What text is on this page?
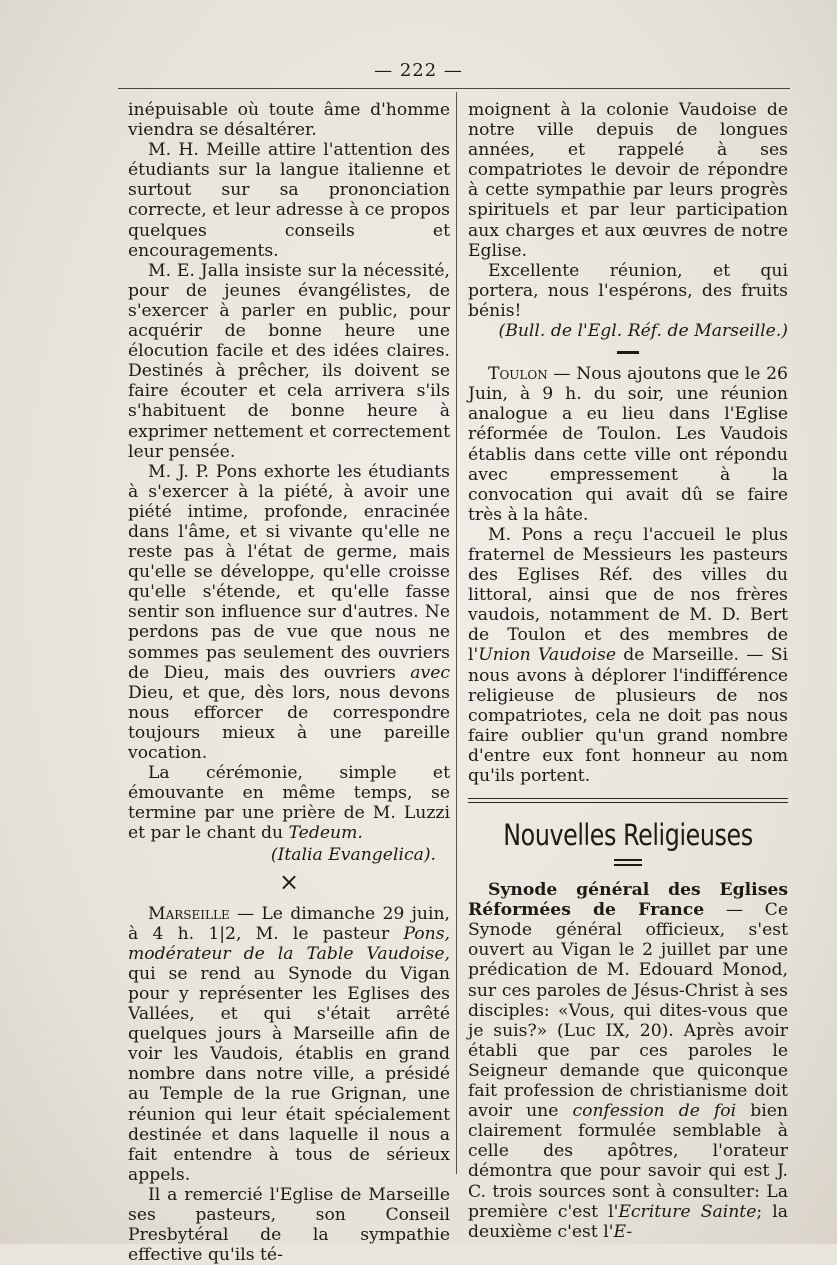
— 222 —

inépuisable où toute âme d'homme viendra se désaltérer.

M. H. Meille attire l'attention des étudiants sur la langue italienne et surtout sur sa prononciation correcte, et leur adresse à ce propos quelques conseils et encouragements.

M. E. Jalla insiste sur la nécessité, pour de jeunes évangélistes, de s'exercer à parler en public, pour acquérir de bonne heure une élocution facile et des idées claires. Destinés à prêcher, ils doivent se faire écouter et cela arrivera s'ils s'habituent de bonne heure à exprimer nettement et correctement leur pensée.

M. J. P. Pons exhorte les étudiants à s'exercer à la piété, à avoir une piété intime, profonde, enracinée dans l'âme, et si vivante qu'elle ne reste pas à l'état de germe, mais qu'elle se développe, qu'elle croisse qu'elle s'étende, et qu'elle fasse sentir son influence sur d'autres. Ne perdons pas de vue que nous ne sommes pas seulement des ouvriers de Dieu, mais des ouvriers avec Dieu, et que, dès lors, nous devons nous efforcer de correspondre toujours mieux à une pareille vocation.

La cérémonie, simple et émouvante en même temps, se termine par une prière de M. Luzzi et par le chant du Tedeum.

(Italia Evangelica).

×

Marseille — Le dimanche 29 juin, à 4 h. 1|2, M. le pasteur Pons, modérateur de la Table Vaudoise, qui se rend au Synode du Vigan pour y représenter les Eglises des Vallées, et qui s'était arrêté quelques jours à Marseille afin de voir les Vaudois, établis en grand nombre dans notre ville, a présidé au Temple de la rue Grignan, une réunion qui leur était spécialement destinée et dans laquelle il nous a fait entendre à tous de sérieux appels.

Il a remercié l'Eglise de Marseille ses pasteurs, son Conseil Presbytéral de la sympathie effective qu'ils té-

moignent à la colonie Vaudoise de notre ville depuis de longues années, et rappelé à ses compatriotes le devoir de répondre à cette sympathie par leurs progrès spirituels et par leur participation aux charges et aux œuvres de notre Eglise.

Excellente réunion, et qui portera, nous l'espérons, des fruits bénis!

(Bull. de l'Egl. Réf. de Marseille.)

Toulon — Nous ajoutons que le 26 Juin, à 9 h. du soir, une réunion analogue a eu lieu dans l'Eglise réformée de Toulon. Les Vaudois établis dans cette ville ont répondu avec empressement à la convocation qui avait dû se faire très à la hâte.

M. Pons a reçu l'accueil le plus fraternel de Messieurs les pasteurs des Eglises Réf. des villes du littoral, ainsi que de nos frères vaudois, notamment de M. D. Bert de Toulon et des membres de l'Union Vaudoise de Marseille. — Si nous avons à déplorer l'indifférence religieuse de plusieurs de nos compatriotes, cela ne doit pas nous faire oublier qu'un grand nombre d'entre eux font honneur au nom qu'ils portent.

Nouvelles Religieuses

Synode général des Eglises Réformées de France — Ce Synode général officieux, s'est ouvert au Vigan le 2 juillet par une prédication de M. Edouard Monod, sur ces paroles de Jésus-Christ à ses disciples: «Vous, qui dites-vous que je suis?» (Luc IX, 20). Après avoir établi que par ces paroles le Seigneur demande que quiconque fait profession de christianisme doit avoir une confession de foi bien clairement formulée semblable à celle des apôtres, l'orateur démontra que pour savoir qui est J. C. trois sources sont à consulter: La première c'est l'Ecriture Sainte; la deuxième c'est l'E-
